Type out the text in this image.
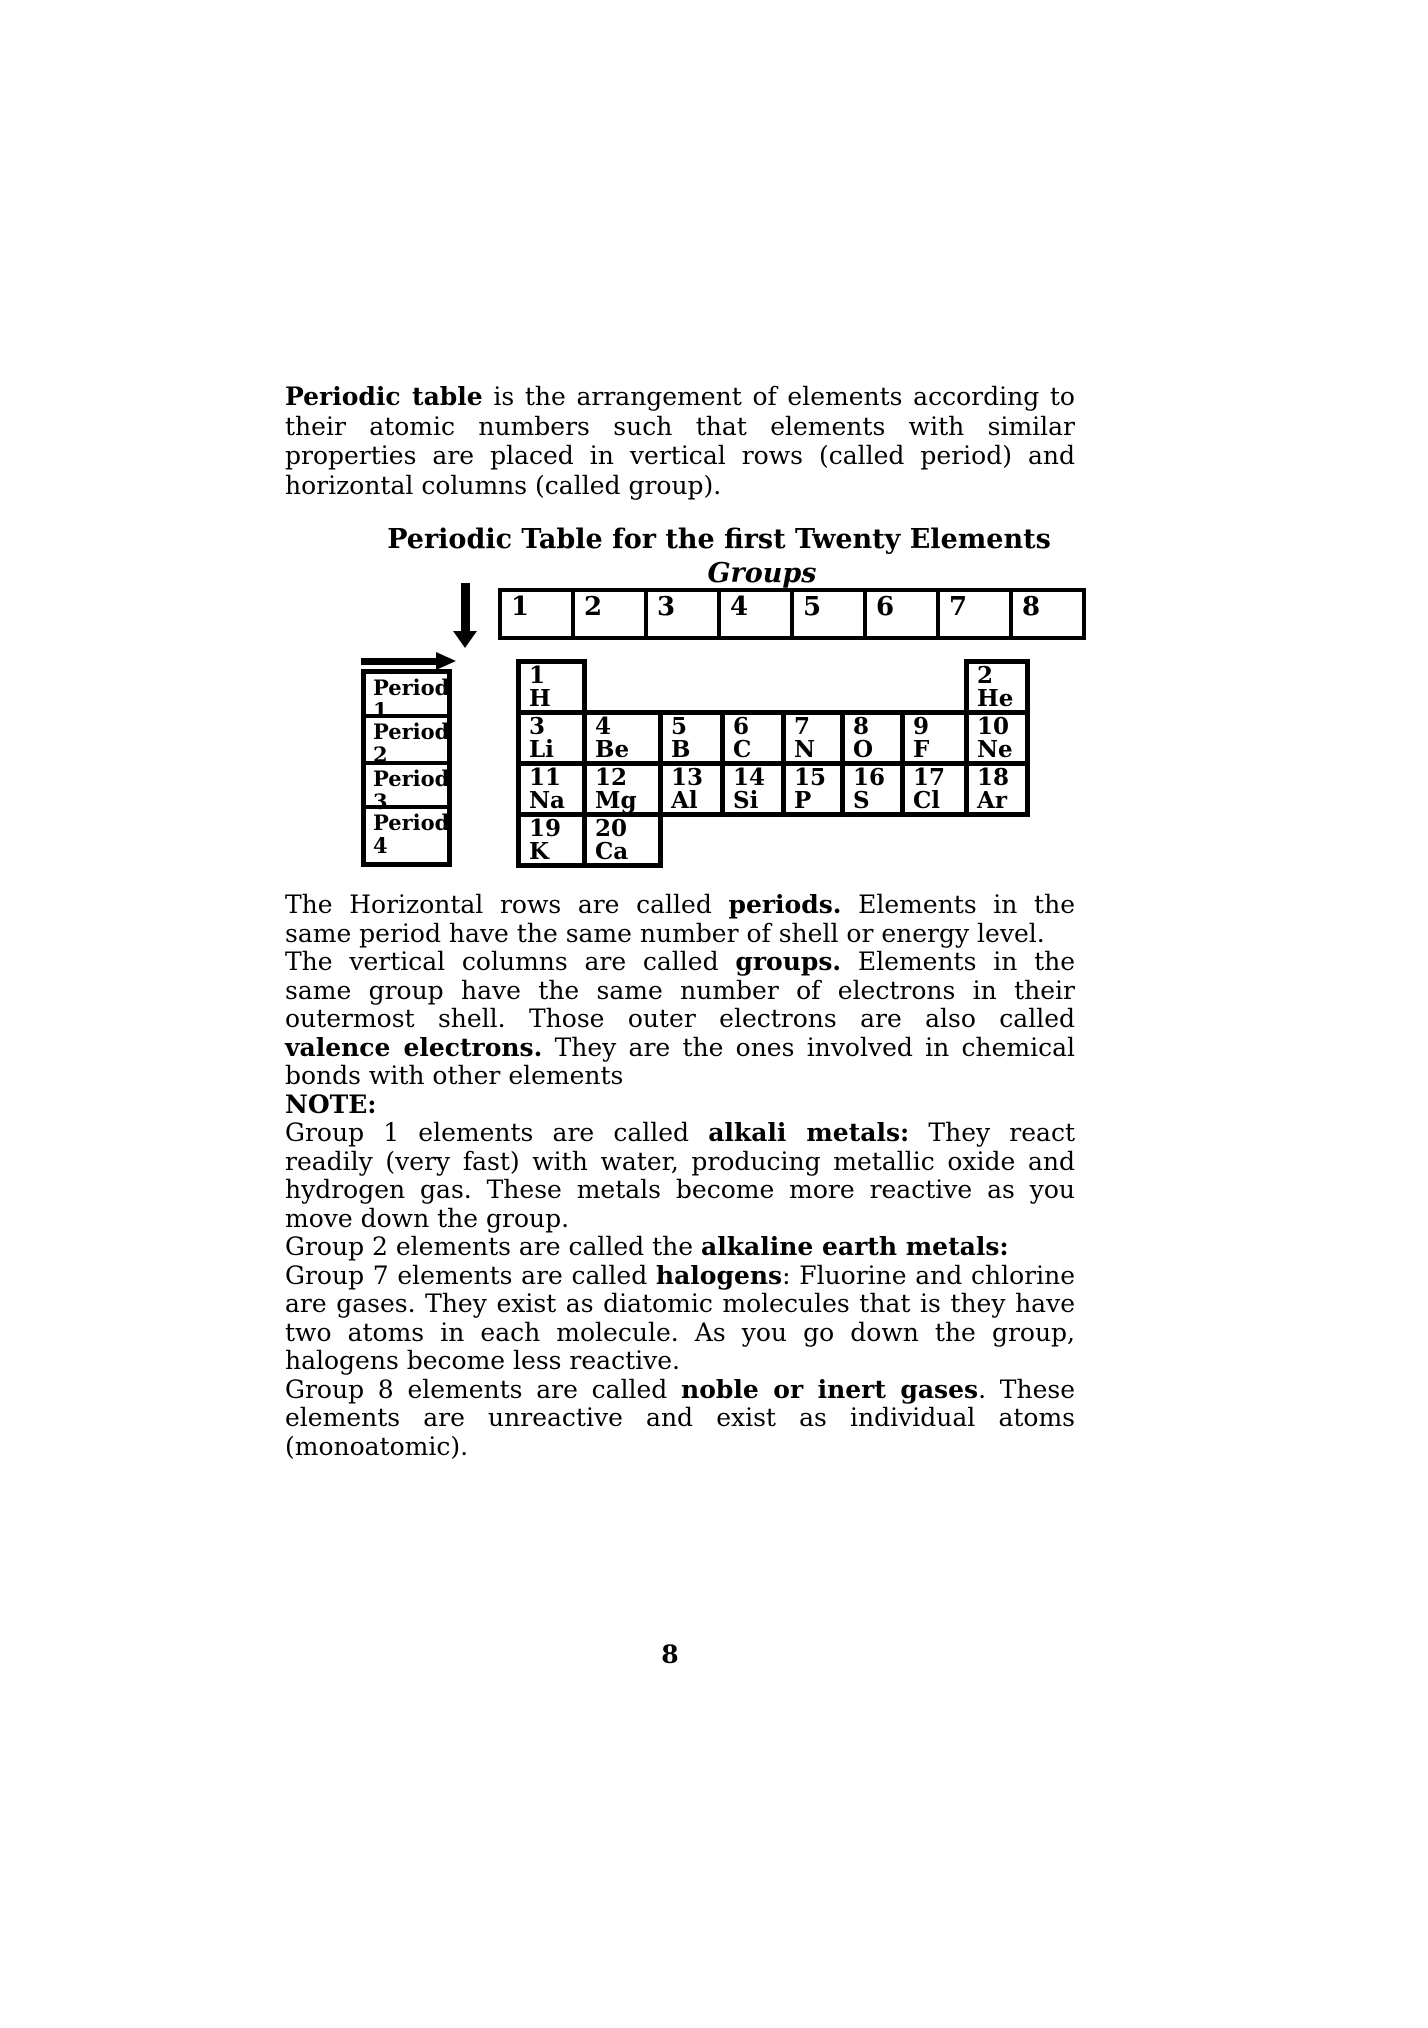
Periodic table is the arrangement of elements according to their atomic numbers such that elements with similar properties are placed in vertical rows (called period) and horizontal columns (called group).

Periodic Table for the first Twenty Elements
Groups
1	2	3	4	5	6	7	8
Period
1
Period
2
Period
3
Period
4
1
H							2
He

3
Li	4
Be	5
B	6
C	7
N	8
O	9
F	10
Ne

11
Na	12
Mg	13
Al	14
Si	15
P	16
S	17
Cl	18
Ar

19
K	20
Ca						

The Horizontal rows are called periods. Elements in the same period have the same number of shell or energy level.

The vertical columns are called groups. Elements in the same group have the same number of electrons in their outermost shell. Those outer electrons are also called valence electrons. They are the ones involved in chemical bonds with other elements

NOTE:

Group 1 elements are called alkali metals: They react readily (very fast) with water, producing metallic oxide and hydrogen gas. These metals become more reactive as you move down the group.

Group 2 elements are called the alkaline earth metals:

Group 7 elements are called halogens: Fluorine and chlorine are gases. They exist as diatomic molecules that is they have two atoms in each molecule. As you go down the group, halogens become less reactive.

Group 8 elements are called noble or inert gases. These elements are unreactive and exist as individual atoms (monoatomic).

8
